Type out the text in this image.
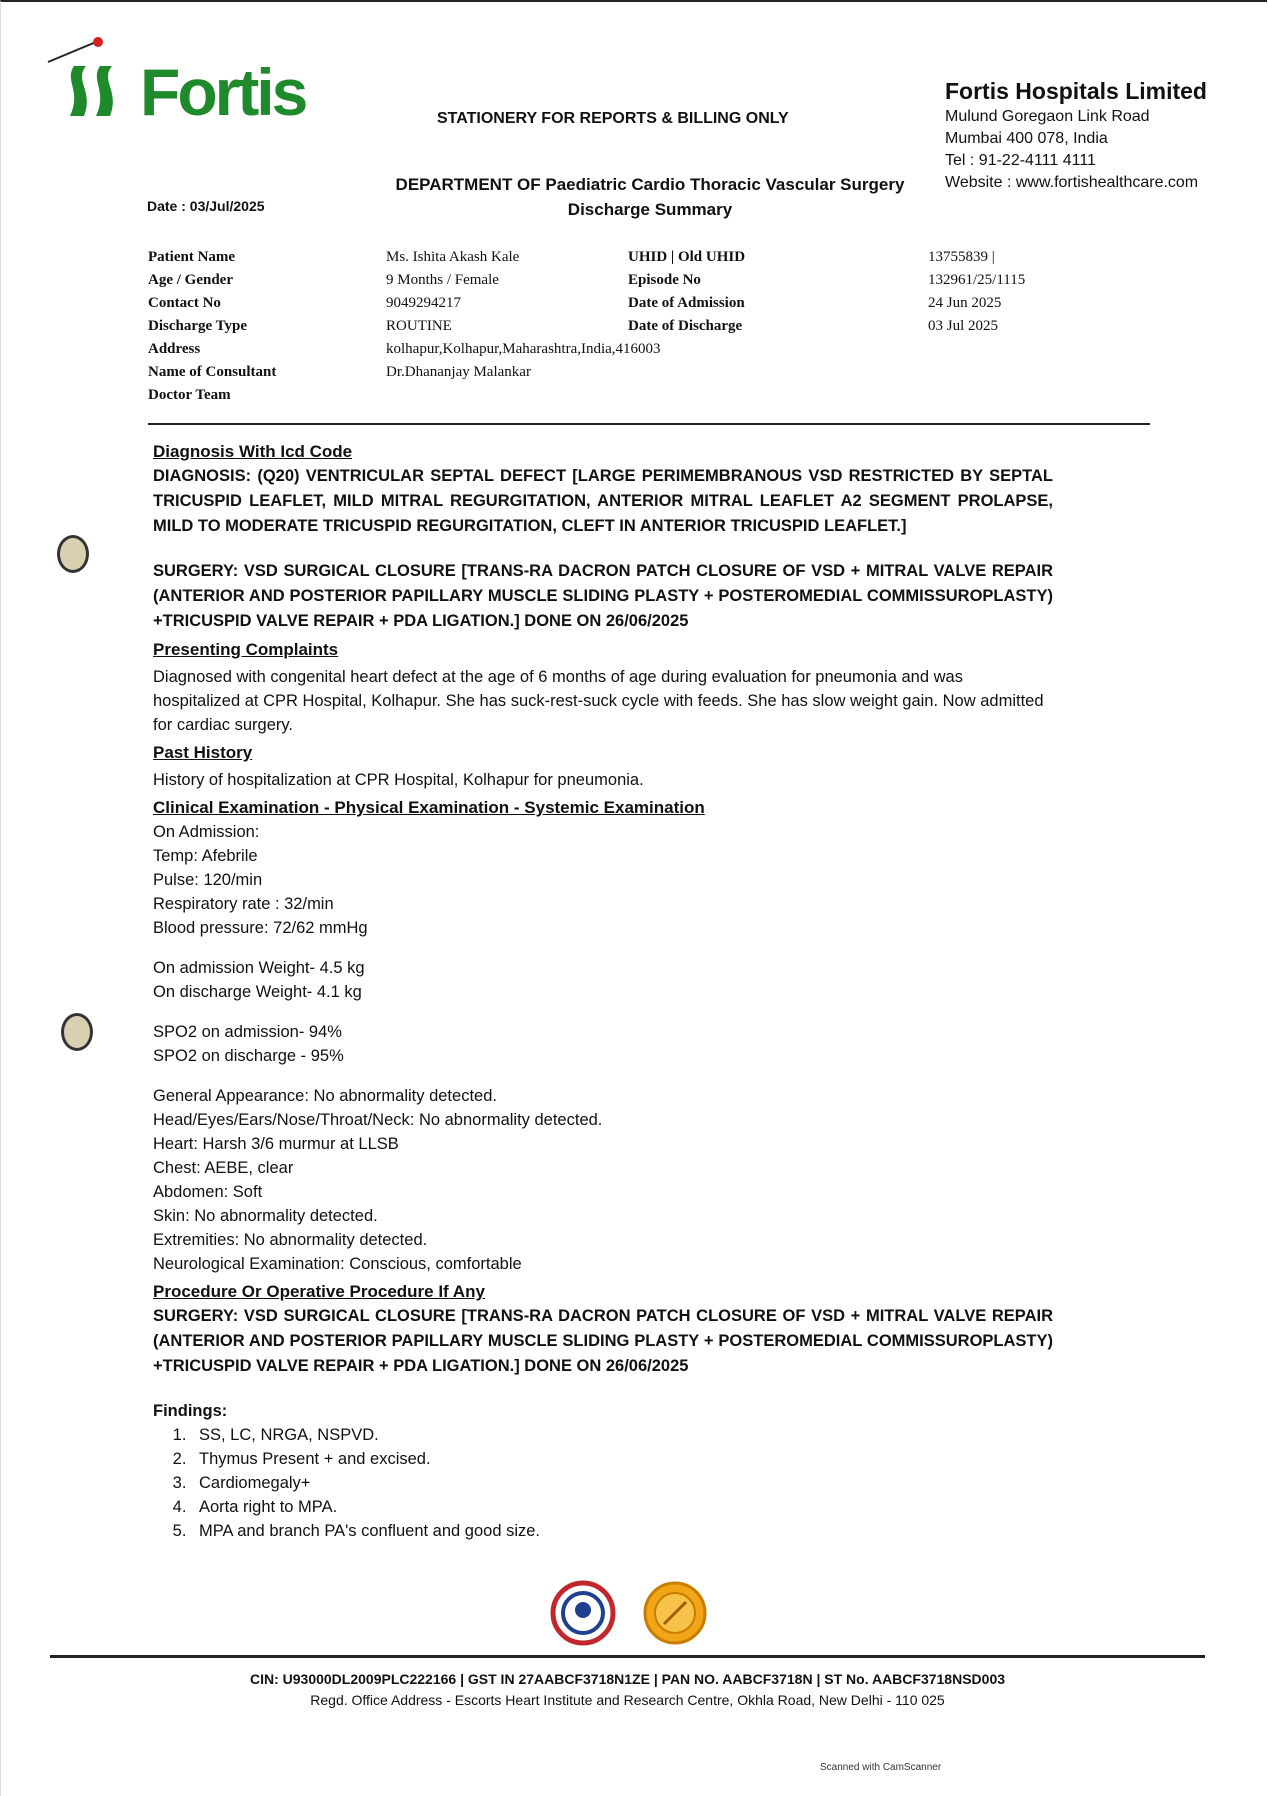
Fortis	STATIONERY FOR REPORTS & BILLING ONLY
Fortis Hospitals Limited
Mulund Goregaon Link Road
Mumbai 400 078, India
Tel : 91-22-4111 4111
Website : www.fortishealthcare.com
DEPARTMENT OF Paediatric Cardio Thoracic Vascular Surgery
Discharge Summary
Date : 03/Jul/2025
Patient Name
Age / Gender
Contact No
Discharge Type
Address
Name of Consultant
Doctor Team
Ms. Ishita Akash Kale
9 Months / Female
9049294217
ROUTINE
kolhapur,Kolhapur,Maharashtra,India,416003
Dr.Dhananjay Malankar
UHID | Old UHID
Episode No
Date of Admission
Date of Discharge
13755839 |
132961/25/1115
24 Jun 2025
03 Jul 2025
Diagnosis With Icd Code
DIAGNOSIS: (Q20) VENTRICULAR SEPTAL DEFECT [LARGE PERIMEMBRANOUS VSD RESTRICTED BY SEPTAL TRICUSPID LEAFLET, MILD MITRAL REGURGITATION, ANTERIOR MITRAL LEAFLET A2 SEGMENT PROLAPSE, MILD TO MODERATE TRICUSPID REGURGITATION, CLEFT IN ANTERIOR TRICUSPID LEAFLET.]
SURGERY: VSD SURGICAL CLOSURE [TRANS-RA DACRON PATCH CLOSURE OF VSD + MITRAL VALVE REPAIR (ANTERIOR AND POSTERIOR PAPILLARY MUSCLE SLIDING PLASTY + POSTEROMEDIAL COMMISSUROPLASTY) +TRICUSPID VALVE REPAIR + PDA LIGATION.] DONE ON 26/06/2025
Presenting Complaints
Diagnosed with congenital heart defect at the age of 6 months of age during evaluation for pneumonia and was hospitalized at CPR Hospital, Kolhapur. She has suck-rest-suck cycle with feeds. She has slow weight gain. Now admitted for cardiac surgery.
Past History
History of hospitalization at CPR Hospital, Kolhapur for pneumonia.
Clinical Examination - Physical Examination - Systemic Examination
On Admission:
Temp: Afebrile
Pulse: 120/min
Respiratory rate : 32/min
Blood pressure: 72/62 mmHg
On admission Weight- 4.5 kg
On discharge Weight- 4.1 kg
SPO2 on admission- 94%
SPO2 on discharge - 95%
General Appearance: No abnormality detected.
Head/Eyes/Ears/Nose/Throat/Neck: No abnormality detected.
Heart: Harsh 3/6 murmur at LLSB
Chest: AEBE, clear
Abdomen: Soft
Skin: No abnormality detected.
Extremities: No abnormality detected.
Neurological Examination: Conscious, comfortable
Procedure Or Operative Procedure If Any
SURGERY: VSD SURGICAL CLOSURE [TRANS-RA DACRON PATCH CLOSURE OF VSD + MITRAL VALVE REPAIR (ANTERIOR AND POSTERIOR PAPILLARY MUSCLE SLIDING PLASTY + POSTEROMEDIAL COMMISSUROPLASTY) +TRICUSPID VALVE REPAIR + PDA LIGATION.] DONE ON 26/06/2025
Findings:
1. SS, LC, NRGA, NSPVD.
2. Thymus Present + and excised.
3. Cardiomegaly+
4. Aorta right to MPA.
5. MPA and branch PA's confluent and good size.
CIN: U93000DL2009PLC222166 | GST IN 27AABCF3718N1ZE | PAN NO. AABCF3718N | ST No. AABCF3718NSD003
Regd. Office Address - Escorts Heart Institute and Research Centre, Okhla Road, New Delhi - 110 025
Scanned with CamScanner
